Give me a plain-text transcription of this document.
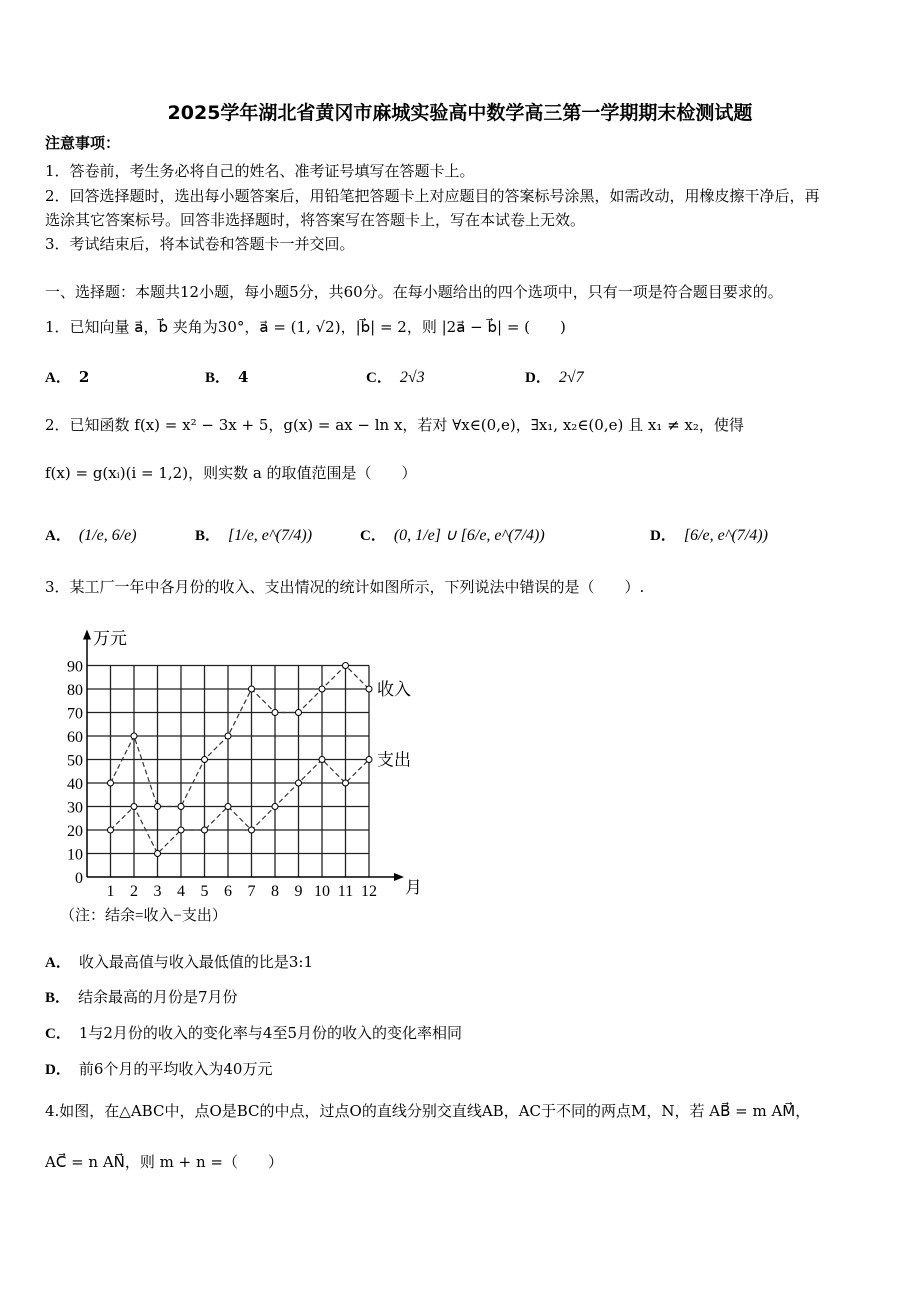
2025学年湖北省黄冈市麻城实验高中数学高三第一学期期末检测试题
注意事项：
1．答卷前，考生务必将自己的姓名、准考证号填写在答题卡上。
2．回答选择题时，选出每小题答案后，用铅笔把答题卡上对应题目的答案标号涂黑，如需改动，用橡皮擦干净后，再
选涂其它答案标号。回答非选择题时，将答案写在答题卡上，写在本试卷上无效。
3．考试结束后，将本试卷和答题卡一并交回。
一、选择题：本题共12小题，每小题5分，共60分。在每小题给出的四个选项中，只有一项是符合题目要求的。
1．已知向量 a⃗，b⃗ 夹角为30°，a⃗ = (1, √2)，|b⃗| = 2，则 |2a⃗ − b⃗| = (　　)
A． 2	B． 4	C． 2√3	D． 2√7
2．已知函数 f(x) = x² − 3x + 5，g(x) = ax − ln x，若对 ∀x∈(0,e)，∃x₁, x₂∈(0,e) 且 x₁ ≠ x₂，使得
f(x) = g(xᵢ)(i = 1,2)，则实数 a 的取值范围是（　　）
A． (1/e, 6/e)	B． [1/e, e^(7/4))	C． (0, 1/e] ∪ [6/e, e^(7/4))	D． [6/e, e^(7/4))
3．某工厂一年中各月份的收入、支出情况的统计如图所示，下列说法中错误的是（　　）.
0
10
20
30
40
50
60
70
80
90
1 2 3 4 5 6 7 8 9 10 11 12
万元
月
（注：结余=收入−支出）
收入
支出
A． 收入最高值与收入最低值的比是3:1
B． 结余最高的月份是7月份
C． 1与2月份的收入的变化率与4至5月份的收入的变化率相同
D． 前6个月的平均收入为40万元
4.如图，在△ABC中，点O是BC的中点，过点O的直线分别交直线AB，AC于不同的两点M，N，若 AB⃗ = m AM⃗，
AC⃗ = n AN⃗，则 m + n =（　　）
